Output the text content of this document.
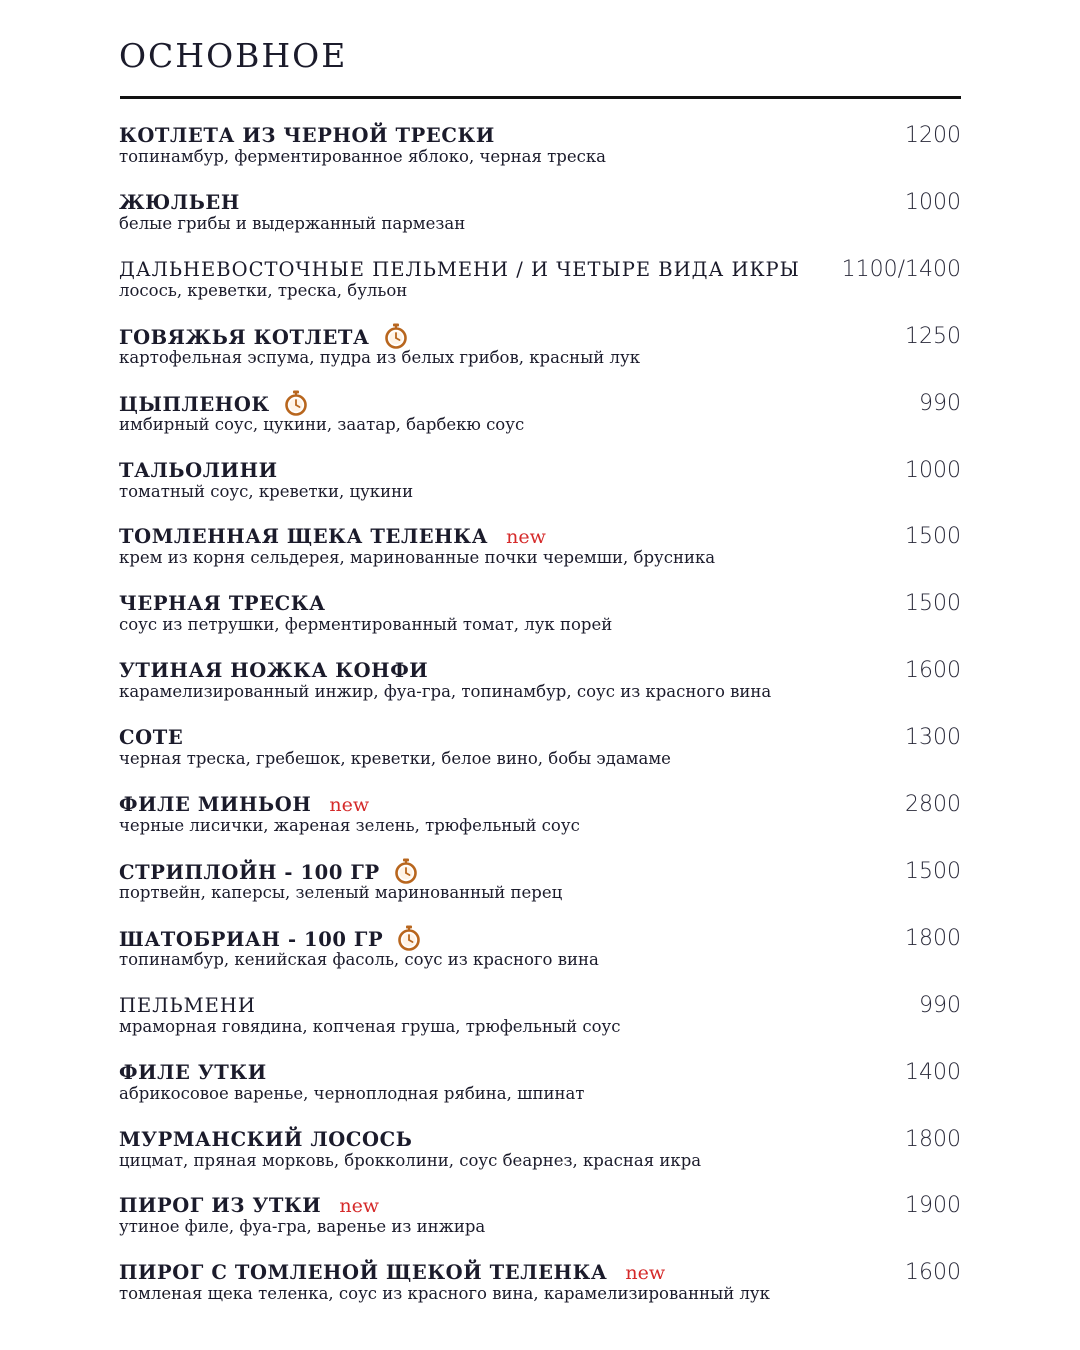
ОСНОВНОЕ
КОТЛЕТА ИЗ ЧЕРНОЙ ТРЕСКИ
топинамбур, ферментированное яблоко, черная треска
1200
ЖЮЛЬЕН
белые грибы и выдержанный пармезан
1000
ДАЛЬНЕВОСТОЧНЫЕ ПЕЛЬМЕНИ / И ЧЕТЫРЕ ВИДА ИКРЫ
лосось, креветки, треска, бульон
1100/1400
ГОВЯЖЬЯ КОТЛЕТА
картофельная эспума, пудра из белых грибов, красный лук
1250
ЦЫПЛЕНОК
имбирный соус, цукини, заатар, барбекю соус
990
ТАЛЬОЛИНИ
томатный соус, креветки, цукини
1000
ТОМЛЕННАЯ ЩЕКА ТЕЛЕНКА new
крем из корня сельдерея, маринованные почки черемши, брусника
1500
ЧЕРНАЯ ТРЕСКА
соус из петрушки, ферментированный томат, лук порей
1500
УТИНАЯ НОЖКА КОНФИ
карамелизированный инжир, фуа-гра, топинамбур, соус из красного вина
1600
СОТЕ
черная треска, гребешок, креветки, белое вино, бобы эдамаме
1300
ФИЛЕ МИНЬОН new
черные лисички, жареная зелень, трюфельный соус
2800
СТРИПЛОЙН - 100 ГР
портвейн, каперсы, зеленый маринованный перец
1500
ШАТОБРИАН - 100 ГР
топинамбур, кенийская фасоль, соус из красного вина
1800
ПЕЛЬМЕНИ
мраморная говядина, копченая груша, трюфельный соус
990
ФИЛЕ УТКИ
абрикосовое варенье, черноплодная рябина, шпинат
1400
МУРМАНСКИЙ ЛОСОСЬ
цицмат, пряная морковь, брокколини, соус беарнез, красная икра
1800
ПИРОГ ИЗ УТКИ new
утиное филе, фуа-гра, варенье из инжира
1900
ПИРОГ С ТОМЛЕНОЙ ЩЕКОЙ ТЕЛЕНКА new
томленая щека теленка, соус из красного вина, карамелизированный лук
1600
